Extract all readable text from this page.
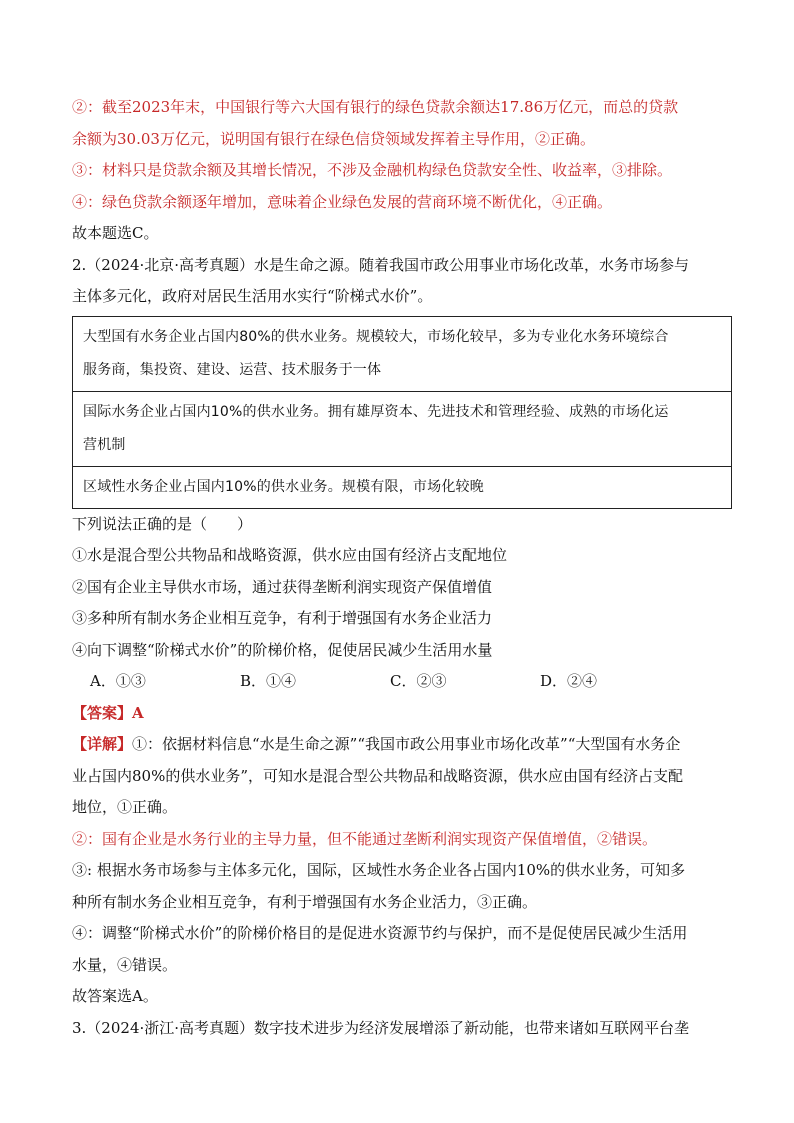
②：截至2023年末，中国银行等六大国有银行的绿色贷款余额达17.86万亿元，而总的贷款
余额为30.03万亿元，说明国有银行在绿色信贷领域发挥着主导作用，②正确。
③：材料只是贷款余额及其增长情况，不涉及金融机构绿色贷款安全性、收益率，③排除。
④：绿色贷款余额逐年增加，意味着企业绿色发展的营商环境不断优化，④正确。
故本题选C。
2.（2024·北京·高考真题）水是生命之源。随着我国市政公用事业市场化改革，水务市场参与
主体多元化，政府对居民生活用水实行“阶梯式水价”。
大型国有水务企业占国内80%的供水业务。规模较大，市场化较早，多为专业化水务环境综合
服务商，集投资、建设、运营、技术服务于一体
国际水务企业占国内10%的供水业务。拥有雄厚资本、先进技术和管理经验、成熟的市场化运
营机制
区域性水务企业占国内10%的供水业务。规模有限，市场化较晚
下列说法正确的是（　　）
①水是混合型公共物品和战略资源，供水应由国有经济占支配地位
②国有企业主导供水市场，通过获得垄断利润实现资产保值增值
③多种所有制水务企业相互竞争，有利于增强国有水务企业活力
④向下调整“阶梯式水价”的阶梯价格，促使居民减少生活用水量
A．①③	B．①④	C．②③	D．②④
【答案】A
【详解】①：依据材料信息“水是生命之源”“我国市政公用事业市场化改革”“大型国有水务企
业占国内80%的供水业务”，可知水是混合型公共物品和战略资源，供水应由国有经济占支配
地位，①正确。
②：国有企业是水务行业的主导力量，但不能通过垄断利润实现资产保值增值，②错误。
③: 根据水务市场参与主体多元化，国际，区域性水务企业各占国内10%的供水业务，可知多
种所有制水务企业相互竞争，有利于增强国有水务企业活力，③正确。
④：调整“阶梯式水价”的阶梯价格目的是促进水资源节约与保护，而不是促使居民减少生活用
水量，④错误。
故答案选A。
3.（2024·浙江·高考真题）数字技术进步为经济发展增添了新动能，也带来诸如互联网平台垄
